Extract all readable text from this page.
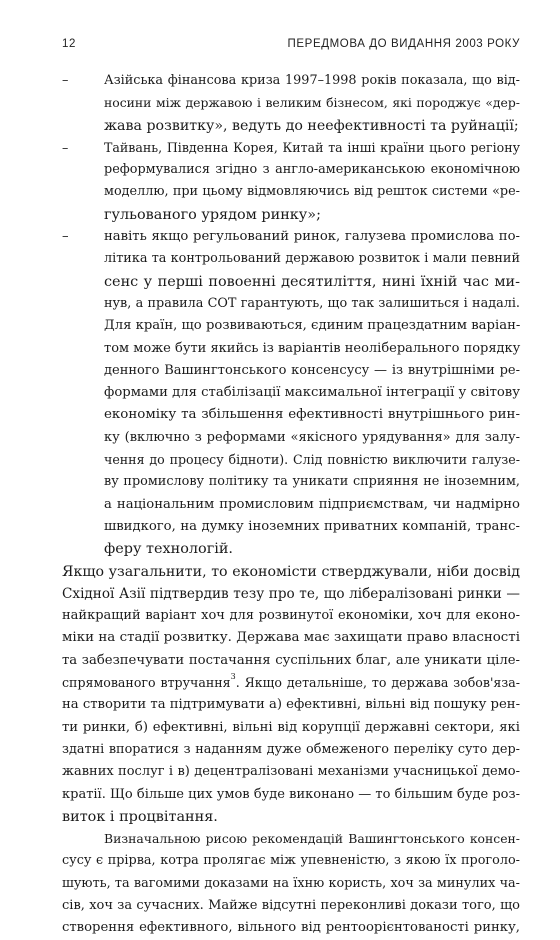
12	ПЕРЕДМОВА ДО ВИДАННЯ 2003 РОКУ
–	Азійська фінансова криза 1997–1998 років показала, що від-
носини між державою і великим бізнесом, які породжує «дер-
жава розвитку», ведуть до неефективності та руйнації;
–	Тайвань, Південна Корея, Китай та інші країни цього регіону
реформувалися згідно з англо-американською економічною
моделлю, при цьому відмовляючись від решток системи «ре-
гульованого урядом ринку»;
–	навіть якщо регульований ринок, галузева промислова по-
літика та контрольований державою розвиток і мали певний
сенс у перші повоенні десятиліття, нині їхній час ми-
нув, а правила СОТ гарантують, що так залишиться і надалі.
Для країн, що розвиваються, єдиним працездатним варіан-
том може бути якийсь із варіантів неоліберального порядку
денного Вашингтонського консенсусу — із внутрішніми ре-
формами для стабілізації максимальної інтеграції у світову
економіку та збільшення ефективності внутрішнього рин-
ку (включно з реформами «якісного урядування» для залу-
чення до процесу бідноти). Слід повністю виключити галузе-
ву промислову політику та уникати сприяння не іноземним,
а національним промисловим підприємствам, чи надмірно
швидкого, на думку іноземних приватних компаній, транс-
феру технологій.
Якщо узагальнити, то економісти стверджували, ніби досвід
Східної Азії підтвердив тезу про те, що лібералізовані ринки —
найкращий варіант хоч для розвинутої економіки, хоч для еконо-
міки на стадії розвитку. Держава має захищати право власності
та забезпечувати постачання суспільних благ, але уникати ціле-
спрямованого втручання$^3$. Якщо детальніше, то держава зобов'яза-
на створити та підтримувати а) ефективні, вільні від пошуку рен-
ти ринки, б) ефективні, вільні від корупції державні сектори, які
здатні впоратися з наданням дуже обмеженого переліку суто дер-
жавних послуг і в) децентралізовані механізми учасницької демо-
кратії. Що більше цих умов буде виконано — то більшим буде роз-
виток і процвітання.
Визначальною рисою рекомендацій Вашингтонського консен-
сусу є прірва, котра пролягає між упевненістю, з якою їх проголо-
шують, та вагомими доказами на їхню користь, хоч за минулих ча-
сів, хоч за сучасних. Майже відсутні переконливі докази того, що
створення ефективного, вільного від рентоорієнтованості ринку,
